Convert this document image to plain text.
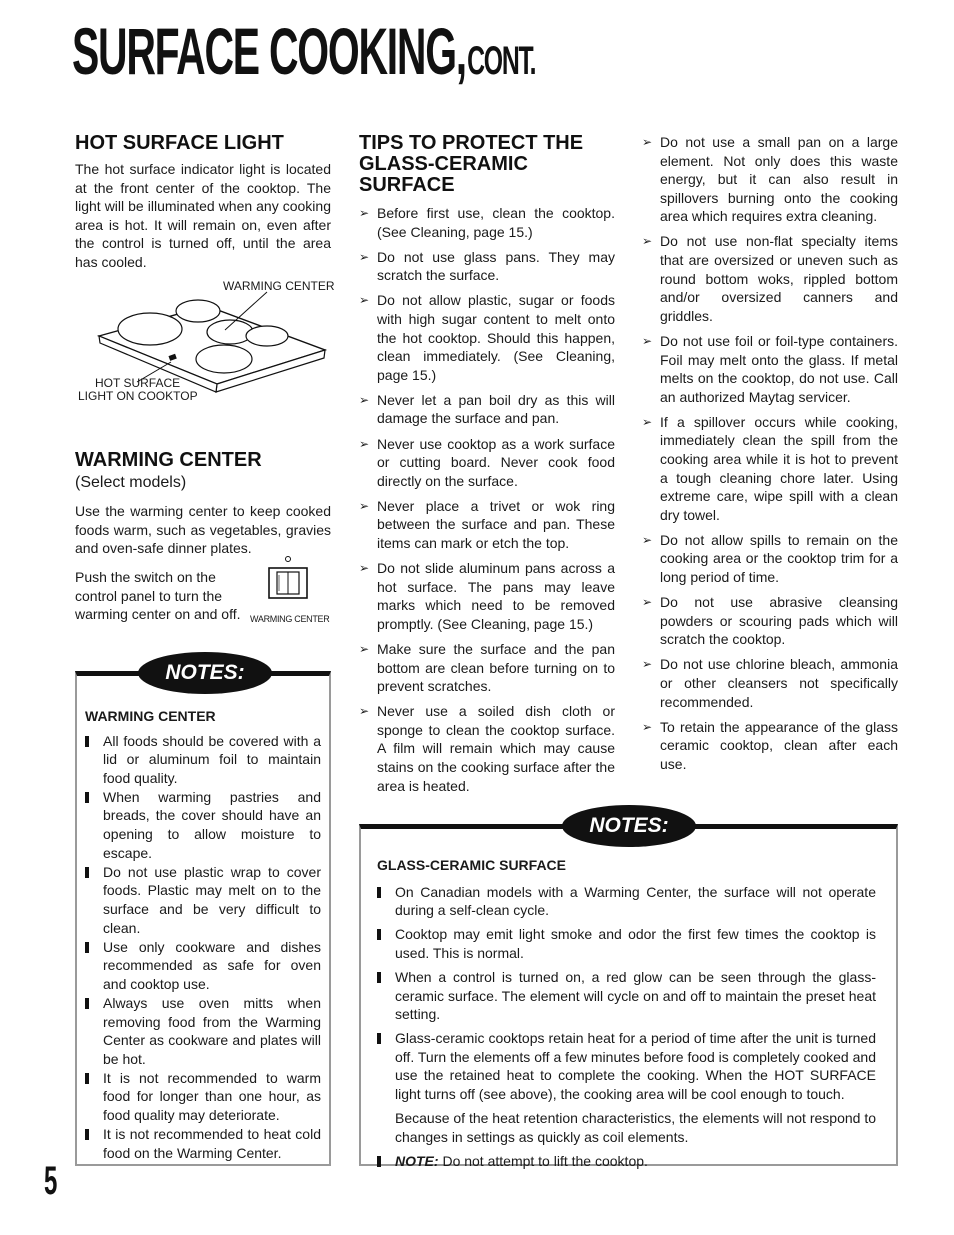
SURFACE COOKING, CONT.
HOT SURFACE LIGHT

The hot surface indicator light is located at the front center of the cooktop. The light will be illuminated when any cooking area is hot. It will remain on, even after the control is turned off, until the area has cooled.

WARMING CENTER
HOT SURFACE
LIGHT ON COOKTOP
WARMING CENTER
(Select models)

Use the warming center to keep cooked foods warm, such as vegetables, gravies and oven-safe dinner plates.

Push the switch on the control panel to turn the warming center on and off.	WARMING CENTER
NOTES:
WARMING CENTER
All foods should be covered with a lid or aluminum foil to maintain food quality.
When warming pastries and breads, the cover should have an opening to allow moisture to escape.
Do not use plastic wrap to cover foods. Plastic may melt on to the surface and be very difficult to clean.
Use only cookware and dishes recommended as safe for oven and cooktop use.
Always use oven mitts when removing food from the Warming Center as cookware and plates will be hot.
It is not recommended to warm food for longer than one hour, as food quality may deteriorate.
It is not recommended to heat cold food on the Warming Center.
TIPS TO PROTECT THE
GLASS-CERAMIC
SURFACE
➢ Before first use, clean the cooktop. (See Cleaning, page 15.)
➢ Do not use glass pans. They may scratch the surface.
➢ Do not allow plastic, sugar or foods with high sugar content to melt onto the hot cooktop. Should this happen, clean immediately. (See Cleaning, page 15.)
➢ Never let a pan boil dry as this will damage the surface and pan.
➢ Never use cooktop as a work surface or cutting board. Never cook food directly on the surface.
➢ Never place a trivet or wok ring between the surface and pan. These items can mark or etch the top.
➢ Do not slide aluminum pans across a hot surface. The pans may leave marks which need to be removed promptly. (See Cleaning, page 15.)
➢ Make sure the surface and the pan bottom are clean before turning on to prevent scratches.
➢ Never use a soiled dish cloth or sponge to clean the cooktop surface. A film will remain which may cause stains on the cooking surface after the area is heated.
➢ Do not use a small pan on a large element. Not only does this waste energy, but it can also result in spillovers burning onto the cooking area which requires extra cleaning.
➢ Do not use non-flat specialty items that are oversized or uneven such as round bottom woks, rippled bottom and/or oversized canners and griddles.
➢ Do not use foil or foil-type containers. Foil may melt onto the glass. If metal melts on the cooktop, do not use. Call an authorized Maytag servicer.
➢ If a spillover occurs while cooking, immediately clean the spill from the cooking area while it is hot to prevent a tough cleaning chore later. Using extreme care, wipe spill with a clean dry towel.
➢ Do not allow spills to remain on the cooking area or the cooktop trim for a long period of time.
➢ Do not use abrasive cleansing powders or scouring pads which will scratch the cooktop.
➢ Do not use chlorine bleach, ammonia or other cleansers not specifically recommended.
➢ To retain the appearance of the glass ceramic cooktop, clean after each use.
NOTES:
GLASS-CERAMIC SURFACE
On Canadian models with a Warming Center, the surface will not operate during a self-clean cycle.
Cooktop may emit light smoke and odor the first few times the cooktop is used. This is normal.
When a control is turned on, a red glow can be seen through the glass-ceramic surface. The element will cycle on and off to maintain the preset heat setting.
Glass-ceramic cooktops retain heat for a period of time after the unit is turned off. Turn the elements off a few minutes before food is completely cooked and use the retained heat to complete the cooking. When the HOT SURFACE light turns off (see above), the cooking area will be cool enough to touch.

Because of the heat retention characteristics, the elements will not respond to changes in settings as quickly as coil elements.

NOTE: Do not attempt to lift the cooktop.
5
